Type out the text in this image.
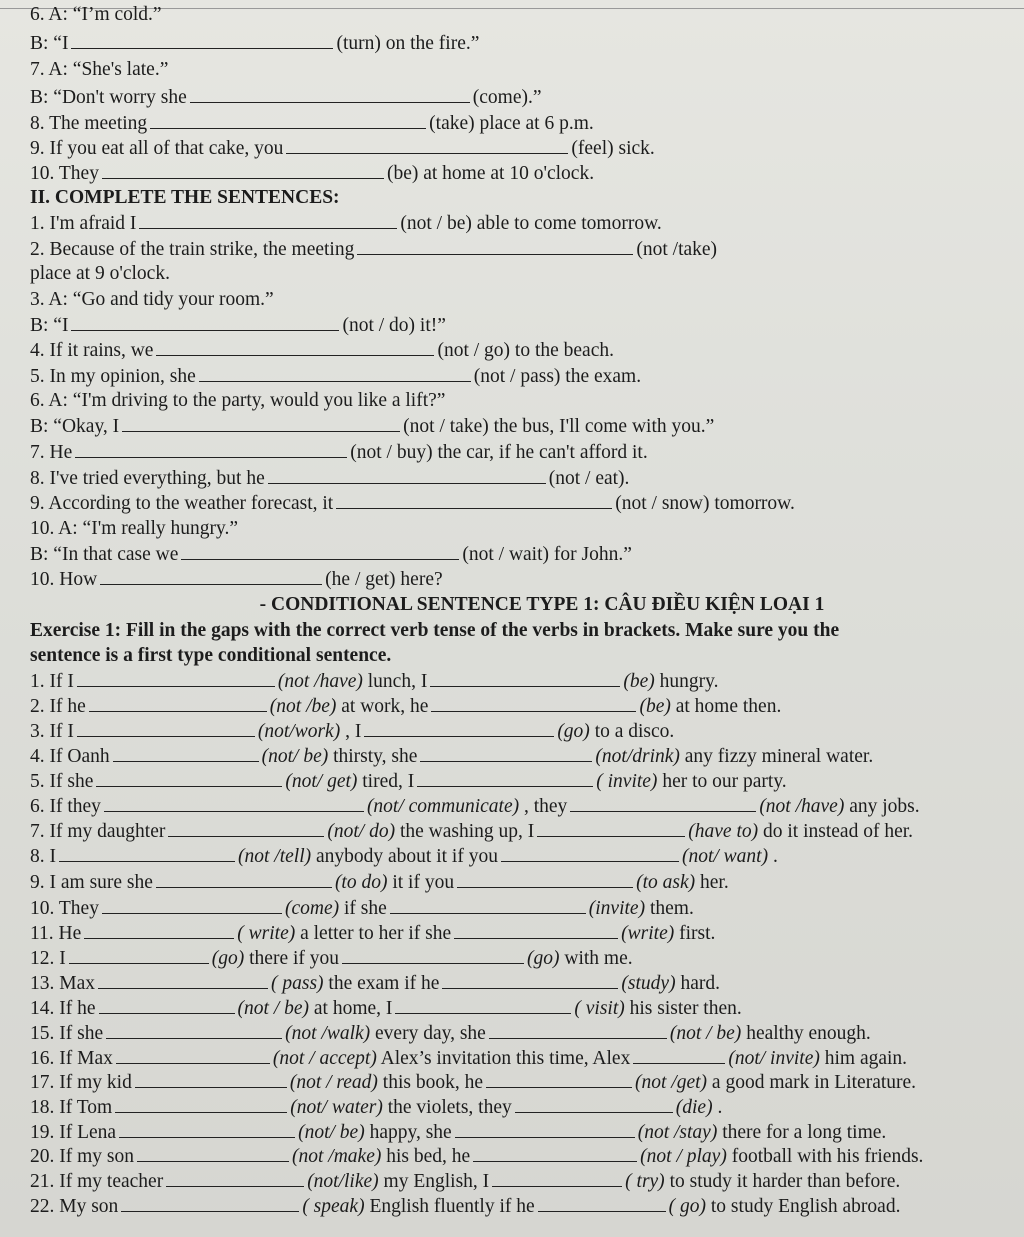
6. A: “I’m cold.”
B: “I	(turn) on the fire.”
7. A: “She's late.”
B: “Don't worry she	(come).”
8. The meeting	(take) place at 6 p.m.
9. If you eat all of that cake, you	(feel) sick.
10. They	(be) at home at 10 o'clock.
II. COMPLETE THE SENTENCES:
1. I'm afraid I	(not / be) able to come tomorrow.
2. Because of the train strike, the meeting	(not /take)
place at 9 o'clock.
3. A: “Go and tidy your room.”
B: “I	(not / do) it!”
4. If it rains, we	(not / go) to the beach.
5. In my opinion, she	(not / pass) the exam.
6. A: “I'm driving to the party, would you like a lift?”
B: “Okay, I	(not / take) the bus, I'll come with you.”
7. He	(not / buy) the car, if he can't afford it.
8. I've tried everything, but he	(not / eat).
9. According to the weather forecast, it	(not / snow) tomorrow.
10. A: “I'm really hungry.”
B: “In that case we	(not / wait) for John.”
10. How	(he / get) here?
- CONDITIONAL SENTENCE TYPE 1: CÂU ĐIỀU KIỆN LOẠI 1
Exercise 1: Fill in the gaps with the correct verb tense of the verbs in brackets. Make sure you the
sentence is a first type conditional sentence.
1. If I	(not /have) lunch, I	(be) hungry.
2. If he	(not /be) at work, he	(be) at home then.
3. If I	(not/work) , I	(go) to a disco.
4. If Oanh	(not/ be) thirsty, she	(not/drink) any fizzy mineral water.
5. If she	(not/ get) tired, I	( invite) her to our party.
6. If they	(not/ communicate) , they	(not /have) any jobs.
7. If my daughter	(not/ do) the washing up, I	(have to) do it instead of her.
8. I	(not /tell) anybody about it if you	(not/ want) .
9. I am sure she	(to do) it if you	(to ask) her.
10. They	(come) if she	(invite) them.
11. He	( write) a letter to her if she	(write) first.
12. I	(go) there if you	(go) with me.
13. Max	( pass) the exam if he	(study) hard.
14. If he	(not / be) at home, I	( visit) his sister then.
15. If she	(not /walk) every day, she	(not / be) healthy enough.
16. If Max	(not / accept) Alex’s invitation this time, Alex	(not/ invite) him again.
17. If my kid	(not / read) this book, he	(not /get) a good mark in Literature.
18. If Tom	(not/ water) the violets, they	(die) .
19. If Lena	(not/ be) happy, she	(not /stay) there for a long time.
20. If my son	(not /make) his bed, he	(not / play) football with his friends.
21. If my teacher	(not/like) my English, I	( try) to study it harder than before.
22. My son	( speak) English fluently if he	( go) to study English abroad.
